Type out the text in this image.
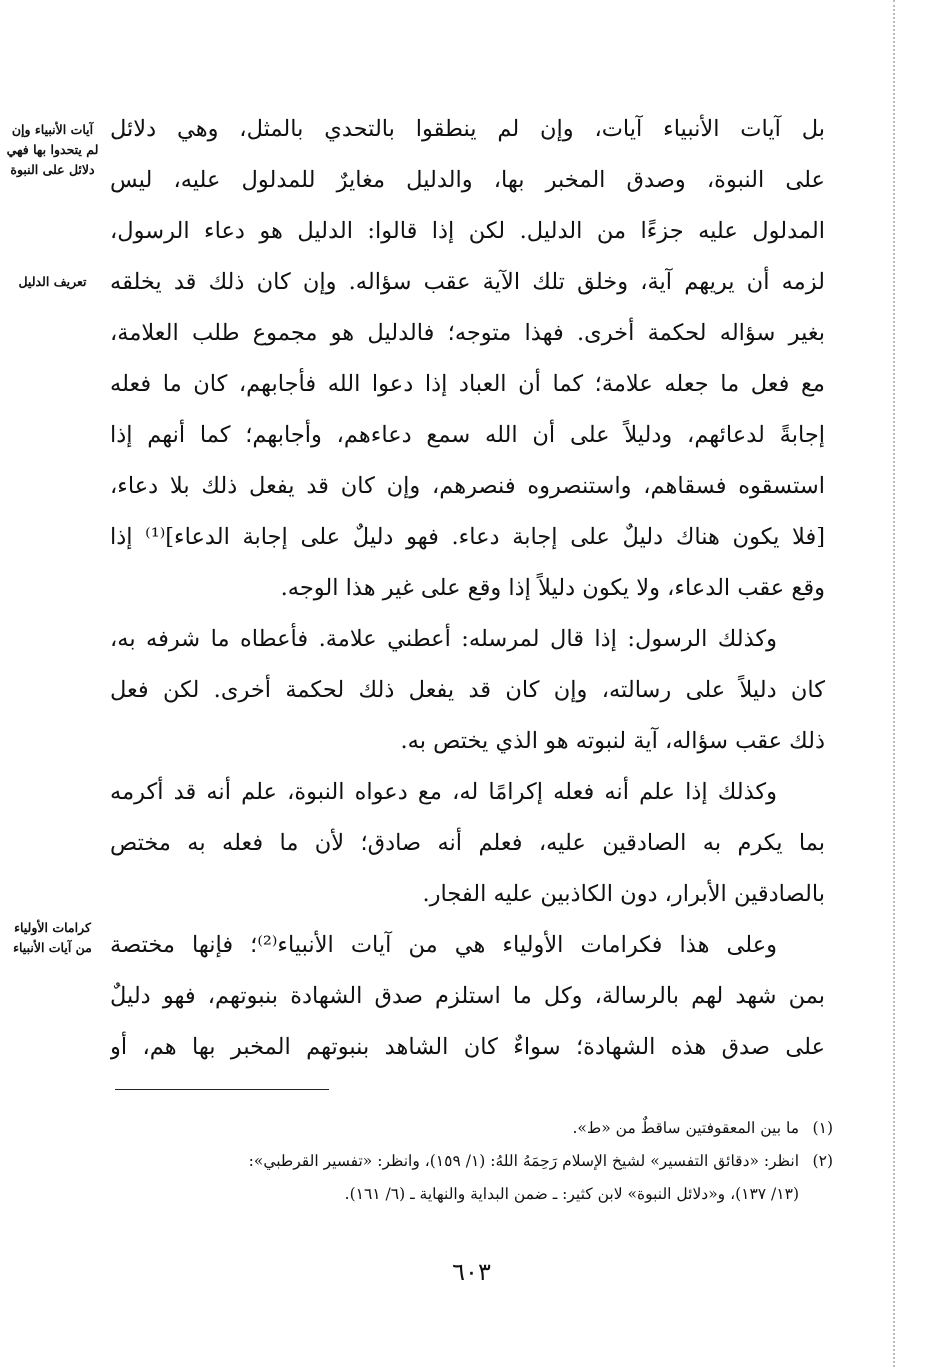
آيات الأنبياء وإن
لم يتحدوا بها فهي
دلائل على النبوة
تعريف الدليل
كرامات الأولياء
من آيات الأنبياء
بل آيات الأنبياء آيات، وإن لم ينطقوا بالتحدي بالمثل، وهي دلائل
على النبوة، وصدق المخبر بها، والدليل مغايرٌ للمدلول عليه، ليس
المدلول عليه جزءًا من الدليل. لكن إذا قالوا: الدليل هو دعاء الرسول،
لزمه أن يريهم آية، وخلق تلك الآية عقب سؤاله. وإن كان ذلك قد يخلقه
بغير سؤاله لحكمة أخرى. فهذا متوجه؛ فالدليل هو مجموع طلب العلامة،
مع فعل ما جعله علامة؛ كما أن العباد إذا دعوا الله فأجابهم، كان ما فعله
إجابةً لدعائهم، ودليلاً على أن الله سمع دعاءهم، وأجابهم؛ كما أنهم إذا
استسقوه فسقاهم، واستنصروه فنصرهم، وإن كان قد يفعل ذلك بلا دعاء،
[فلا يكون هناك دليلٌ على إجابة دعاء. فهو دليلٌ على إجابة الدعاء]⁽¹⁾ إذا
وقع عقب الدعاء، ولا يكون دليلاً إذا وقع على غير هذا الوجه.
وكذلك الرسول: إذا قال لمرسله: أعطني علامة. فأعطاه ما شرفه به،
كان دليلاً على رسالته، وإن كان قد يفعل ذلك لحكمة أخرى. لكن فعل
ذلك عقب سؤاله، آية لنبوته هو الذي يختص به.
وكذلك إذا علم أنه فعله إكرامًا له، مع دعواه النبوة، علم أنه قد أكرمه
بما يكرم به الصادقين عليه، فعلم أنه صادق؛ لأن ما فعله به مختص
بالصادقين الأبرار، دون الكاذبين عليه الفجار.
وعلى هذا فكرامات الأولياء هي من آيات الأنبياء⁽²⁾؛ فإنها مختصة
بمن شهد لهم بالرسالة، وكل ما استلزم صدق الشهادة بنبوتهم، فهو دليلٌ
على صدق هذه الشهادة؛ سواءٌ كان الشاهد بنبوتهم المخبر بها هم، أو
(١)
ما بين المعقوفتين ساقطٌ من «ط».
(٢)
انظر: «دقائق التفسير» لشيخ الإسلام رَحِمَهُ اللهُ: (١/ ١٥٩)، وانظر: «تفسير القرطبي»:
(١٣/ ١٣٧)، و«دلائل النبوة» لابن كثير: ـ ضمن البداية والنهاية ـ (٦/ ١٦١).
٦٠٣
